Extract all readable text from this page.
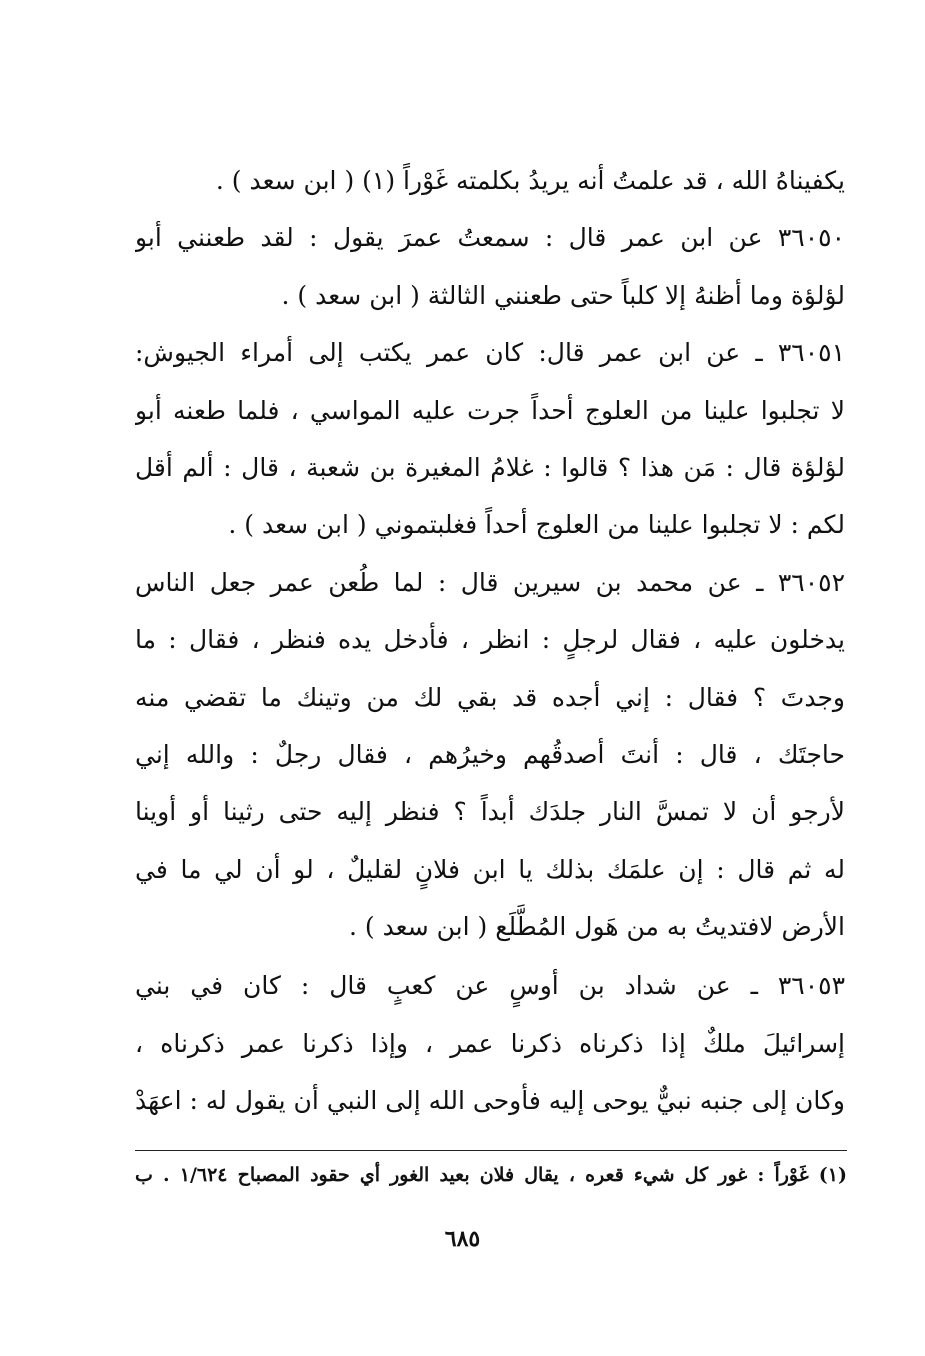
يكفيناهُ الله ، قد علمتُ أنه يريدُ بكلمته غَوْراً (١) ( ابن سعد ) .
٣٦٠٥٠ عن ابن عمر قال : سمعتُ عمرَ يقول : لقد طعنني أبو
لؤلؤة وما أظنهُ إلا كلباً حتى طعنني الثالثة ( ابن سعد ) .
٣٦٠٥١ ـ عن ابن عمر قال: كان عمر يكتب إلى أمراء الجيوش:
لا تجلبوا علينا من العلوج أحداً جرت عليه المواسي ، فلما طعنه أبو
لؤلؤة قال : مَن هذا ؟ قالوا : غلامُ المغيرة بن شعبة ، قال : ألم أقل
لكم : لا تجلبوا علينا من العلوج أحداً فغلبتموني ( ابن سعد ) .
٣٦٠٥٢ ـ عن محمد بن سيرين قال : لما طُعن عمر جعل الناس
يدخلون عليه ، فقال لرجلٍ : انظر ، فأدخل يده فنظر ، فقال : ما
وجدتَ ؟ فقال : إني أجده قد بقي لك من وتينك ما تقضي منه
حاجتَك ، قال : أنتَ أصدقُهم وخيرُهم ، فقال رجلٌ : والله إني
لأرجو أن لا تمسَّ النار جلدَك أبداً ؟ فنظر إليه حتى رثينا أو أوينا
له ثم قال : إن علمَك بذلك يا ابن فلانٍ لقليلٌ ، لو أن لي ما في
الأرض لافتديتُ به من هَول المُطَّلَع ( ابن سعد ) .
٣٦٠٥٣ ـ عن شداد بن أوسٍ عن كعبٍ قال : كان في بني
إسرائيلَ ملكٌ إذا ذكرناه ذكرنا عمر ، وإذا ذكرنا عمر ذكرناه ،
وكان إلى جنبه نبيٌّ يوحى إليه فأوحى الله إلى النبي أن يقول له : اعهَدْ
(١) غَوْراً : غور كل شيء قعره ، يقال فلان بعيد الغور أي حقود المصباح ١/٦٢٤ . ب
٦٨٥
